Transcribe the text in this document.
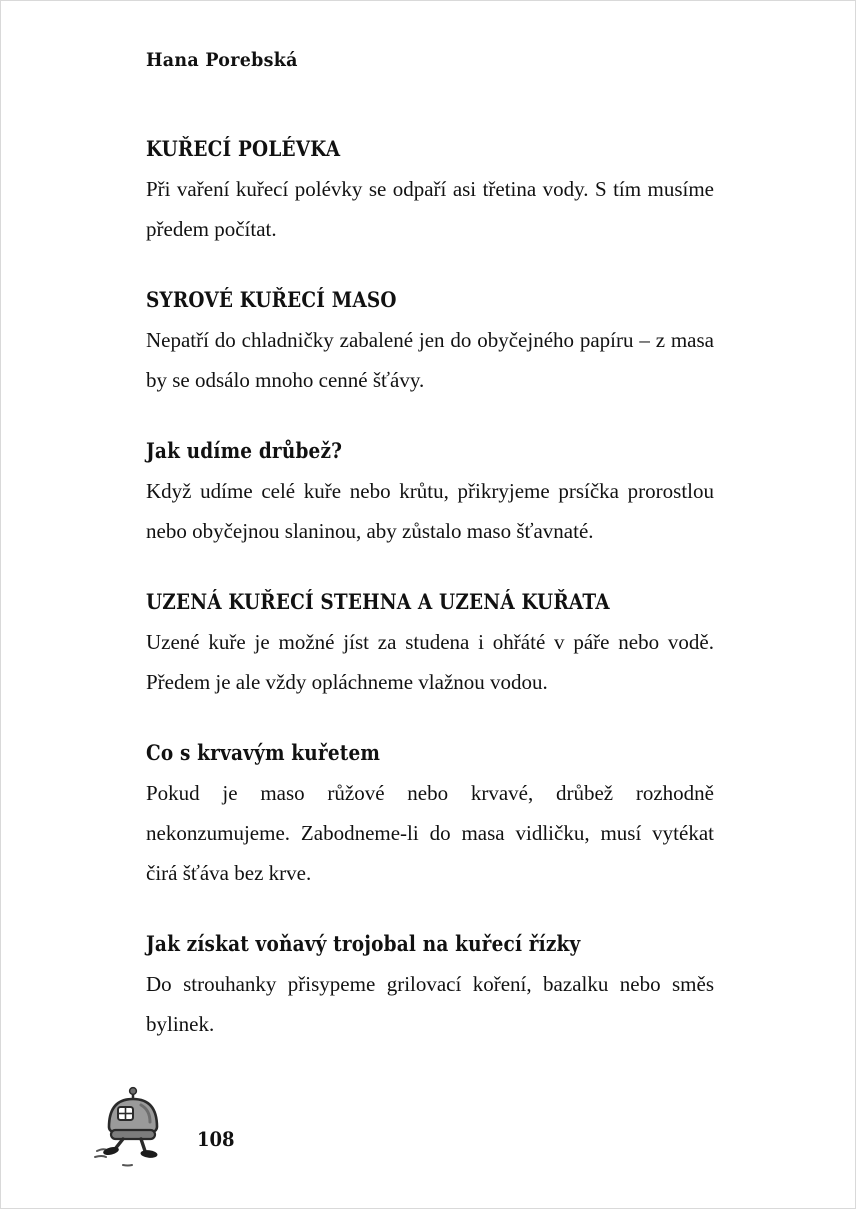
Hana Porebská
KUŘECÍ POLÉVKA

Při vaření kuřecí polévky se odpaří asi třetina vody. S tím musíme předem počítat.

SYROVÉ KUŘECÍ MASO

Nepatří do chladničky zabalené jen do obyčejného papíru – z masa by se odsálo mnoho cenné šťávy.

Jak udíme drůbež?

Když udíme celé kuře nebo krůtu, přikryjeme prsíčka prorostlou nebo obyčejnou slaninou, aby zůstalo maso šťavnaté.

UZENÁ KUŘECÍ STEHNA A UZENÁ KUŘATA

Uzené kuře je možné jíst za studena i ohřáté v páře nebo vodě. Předem je ale vždy opláchneme vlažnou vodou.

Co s krvavým kuřetem

Pokud je maso růžové nebo krvavé, drůbež rozhodně nekonzumujeme. Zabodneme-li do masa vidličku, musí vytékat čirá šťáva bez krve.

Jak získat voňavý trojobal na kuřecí řízky

Do strouhanky přisypeme grilovací koření, bazalku nebo směs bylinek.

108
